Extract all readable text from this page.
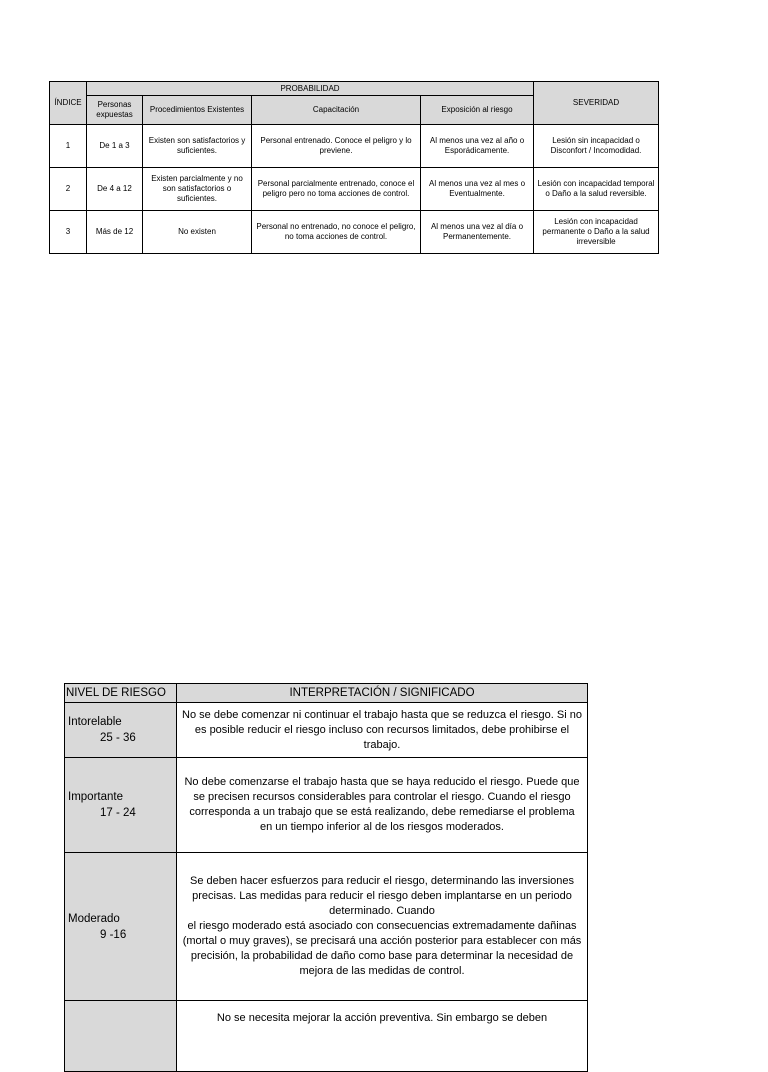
ÍNDICE	PROBABILIDAD				SEVERIDAD
	Personas expuestas	Procedimientos Existentes	Capacitación	Exposición al riesgo	
1	De 1 a 3	Existen son satisfactorios y suficientes.	Personal entrenado. Conoce el peligro y lo previene.	Al menos una vez al año o Esporádicamente.	Lesión sin incapacidad o Disconfort / Incomodidad.
2	De 4 a 12	Existen parcialmente y no son satisfactorios o suficientes.	Personal parcialmente entrenado, conoce el peligro pero no toma acciones de control.	Al menos una vez al mes o Eventualmente.	Lesión con incapacidad temporal o Daño a la salud reversible.
3	Más de 12	No existen	Personal no entrenado, no conoce el peligro, no toma acciones de control.	Al menos una vez al día o Permanentemente.	Lesión con incapacidad permanente o Daño a la salud irreversible
NIVEL DE RIESGO	INTERPRETACIÓN / SIGNIFICADO
Intorelable
25 - 36	No se debe comenzar ni continuar el trabajo hasta que se reduzca el riesgo. Si no es posible reducir el riesgo incluso con recursos limitados, debe prohibirse el trabajo.
Importante
17 - 24	No debe comenzarse el trabajo hasta que se haya reducido el riesgo. Puede que se precisen recursos considerables para controlar el riesgo. Cuando el riesgo corresponda a un trabajo que se está realizando, debe remediarse el problema en un tiempo inferior al de los riesgos moderados.
Moderado
9 -16	Se deben hacer esfuerzos para reducir el riesgo, determinando las inversiones precisas. Las medidas para reducir el riesgo deben implantarse en un periodo determinado. Cuando
el riesgo moderado está asociado con consecuencias extremadamente dañinas (mortal o muy graves), se precisará una acción posterior para establecer con más precisión, la probabilidad de daño como base para determinar la necesidad de mejora de las medidas de control.

	No se necesita mejorar la acción preventiva. Sin embargo se deben
